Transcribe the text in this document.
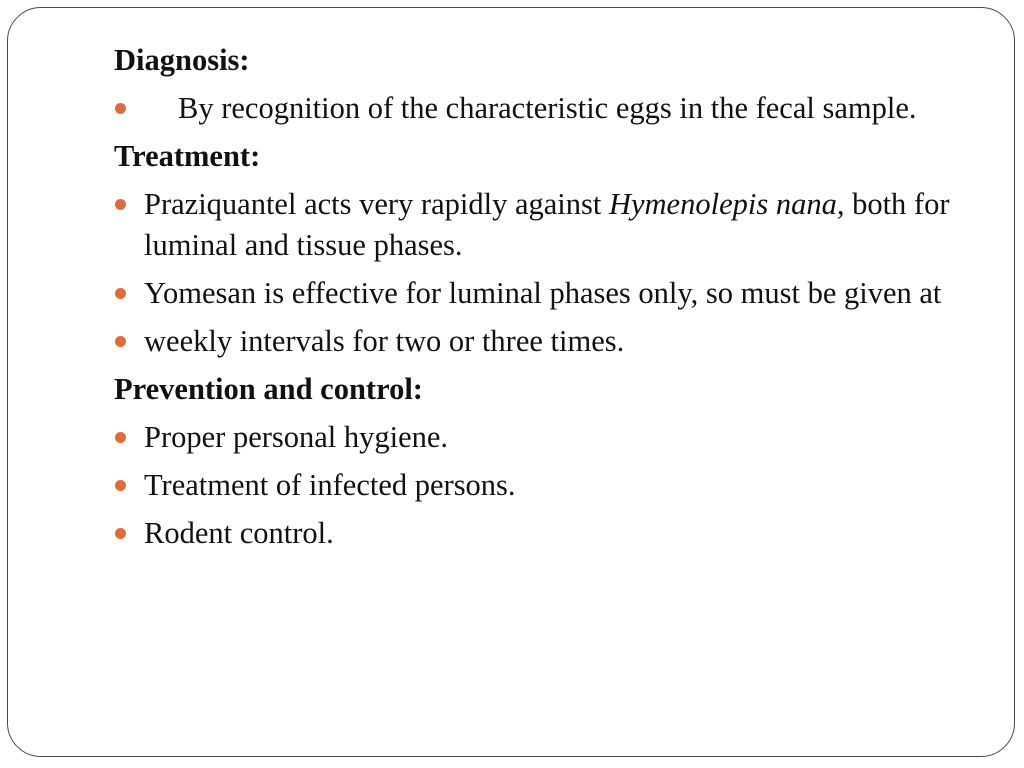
Diagnosis:
By recognition of the characteristic eggs in the fecal sample.
Treatment:
Praziquantel acts very rapidly against Hymenolepis nana, both for luminal and tissue phases.
Yomesan is effective for luminal phases only, so must be given at
weekly intervals for two or three times.
Prevention and control:
Proper personal hygiene.
Treatment of infected persons.
Rodent control.
